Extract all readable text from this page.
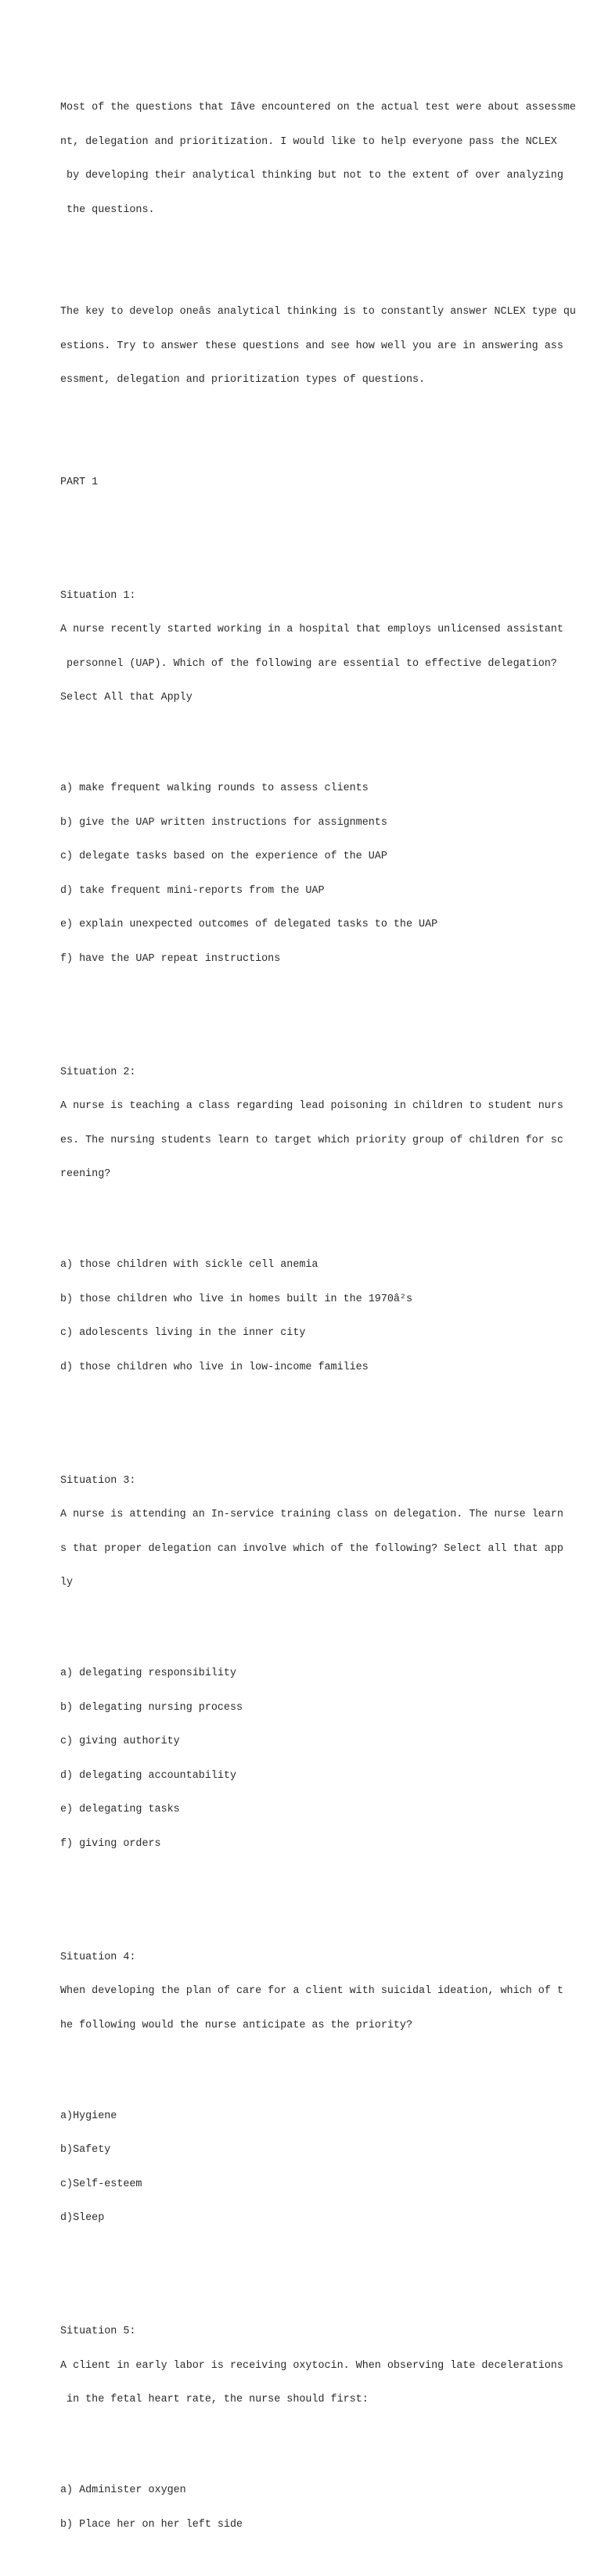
Most of the questions that Iâve encountered on the actual test were about assessme

nt, delegation and prioritization. I would like to help everyone pass the NCLEX

by developing their analytical thinking but not to the extent of over analyzing

the questions.

The key to develop oneâs analytical thinking is to constantly answer NCLEX type qu

estions. Try to answer these questions and see how well you are in answering ass

essment, delegation and prioritization types of questions.

PART 1

Situation 1:

A nurse recently started working in a hospital that employs unlicensed assistant

personnel (UAP). Which of the following are essential to effective delegation?

Select All that Apply

a) make frequent walking rounds to assess clients

b) give the UAP written instructions for assignments

c) delegate tasks based on the experience of the UAP

d) take frequent mini-reports from the UAP

e) explain unexpected outcomes of delegated tasks to the UAP

f) have the UAP repeat instructions

Situation 2:

A nurse is teaching a class regarding lead poisoning in children to student nurs

es. The nursing students learn to target which priority group of children for sc

reening?

a) those children with sickle cell anemia

b) those children who live in homes built in the 1970â²s

c) adolescents living in the inner city

d) those children who live in low-income families

Situation 3:

A nurse is attending an In-service training class on delegation. The nurse learn

s that proper delegation can involve which of the following? Select all that app

ly

a) delegating responsibility

b) delegating nursing process

c) giving authority

d) delegating accountability

e) delegating tasks

f) giving orders

Situation 4:

When developing the plan of care for a client with suicidal ideation, which of t

he following would the nurse anticipate as the priority?

a)Hygiene

b)Safety

c)Self-esteem

d)Sleep

Situation 5:

A client in early labor is receiving oxytocin. When observing late decelerations

in the fetal heart rate, the nurse should first:

a) Administer oxygen

b) Place her on her left side
